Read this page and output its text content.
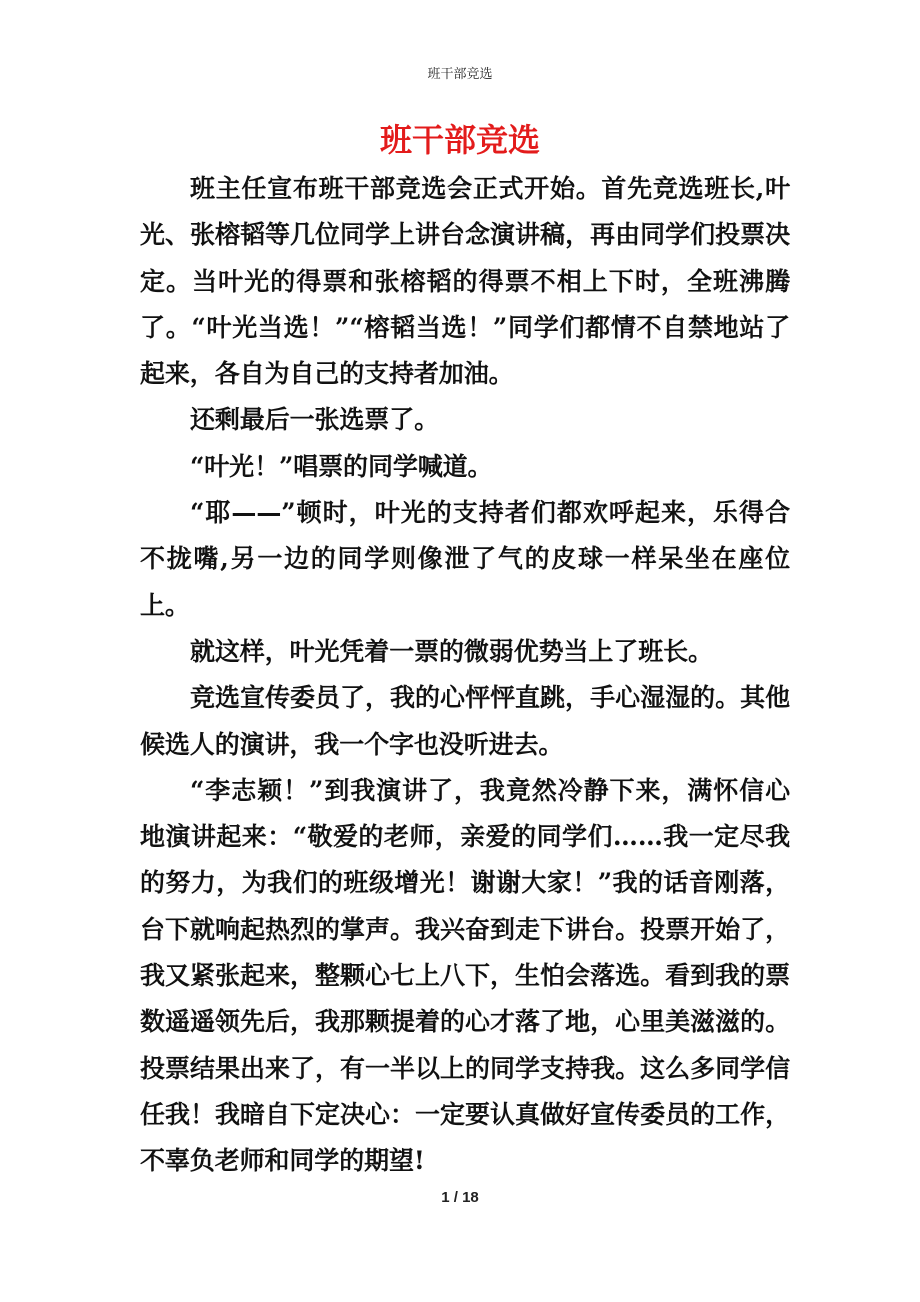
班干部竞选
班干部竞选

班主任宣布班干部竞选会正式开始。首先竞选班长,叶光、张榕韬等几位同学上讲台念演讲稿，再由同学们投票决定。当叶光的得票和张榕韬的得票不相上下时，全班沸腾了。“叶光当选！”“榕韬当选！”同学们都情不自禁地站了起来，各自为自己的支持者加油。

还剩最后一张选票了。

“叶光！”唱票的同学喊道。

“耶——”顿时，叶光的支持者们都欢呼起来，乐得合不拢嘴,另一边的同学则像泄了气的皮球一样呆坐在座位上。

就这样，叶光凭着一票的微弱优势当上了班长。

竞选宣传委员了，我的心怦怦直跳，手心湿湿的。其他候选人的演讲，我一个字也没听进去。

“李志颖！”到我演讲了，我竟然冷静下来，满怀信心地演讲起来：“敬爱的老师，亲爱的同学们……我一定尽我的努力，为我们的班级增光！谢谢大家！”我的话音刚落，台下就响起热烈的掌声。我兴奋到走下讲台。投票开始了，我又紧张起来，整颗心七上八下，生怕会落选。看到我的票数遥遥领先后，我那颗提着的心才落了地，心里美滋滋的。投票结果出来了，有一半以上的同学支持我。这么多同学信任我！我暗自下定决心：一定要认真做好宣传委员的工作，不辜负老师和同学的期望!

1 / 18
